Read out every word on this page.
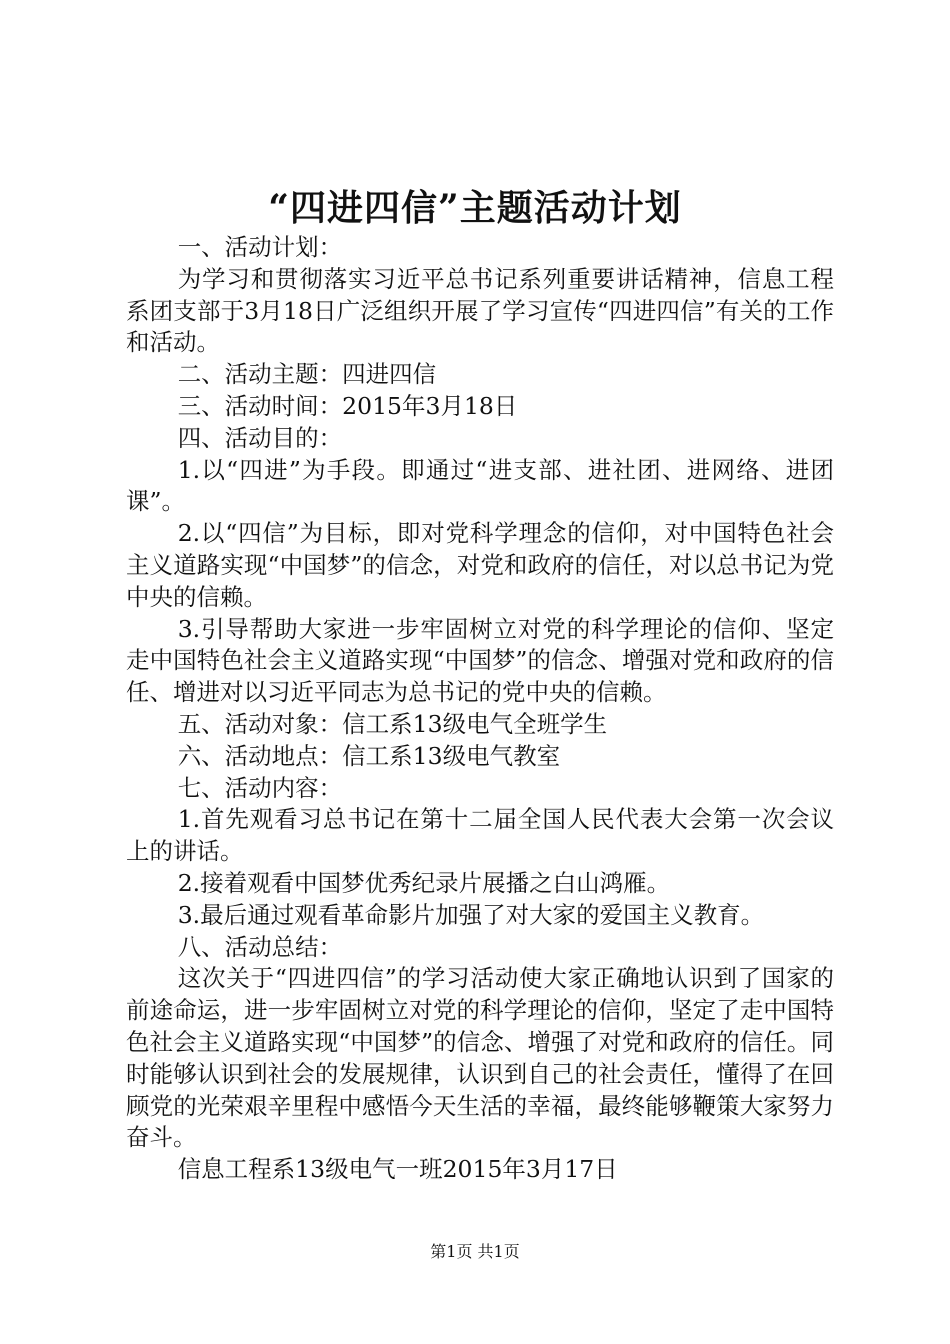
“四进四信”主题活动计划

一、活动计划：

为学习和贯彻落实习近平总书记系列重要讲话精神，信息工程系团支部于3月18日广泛组织开展了学习宣传“四进四信”有关的工作和活动。

二、活动主题：四进四信

三、活动时间：2015年3月18日

四、活动目的：

1.以“四进”为手段。即通过“进支部、进社团、进网络、进团课”。

2.以“四信”为目标，即对党科学理念的信仰，对中国特色社会主义道路实现“中国梦”的信念，对党和政府的信任，对以总书记为党中央的信赖。

3.引导帮助大家进一步牢固树立对党的科学理论的信仰、坚定走中国特色社会主义道路实现“中国梦”的信念、增强对党和政府的信任、增进对以习近平同志为总书记的党中央的信赖。

五、活动对象：信工系13级电气全班学生

六、活动地点：信工系13级电气教室

七、活动内容：

1.首先观看习总书记在第十二届全国人民代表大会第一次会议上的讲话。

2.接着观看中国梦优秀纪录片展播之白山鸿雁。

3.最后通过观看革命影片加强了对大家的爱国主义教育。

八、活动总结：

这次关于“四进四信”的学习活动使大家正确地认识到了国家的前途命运，进一步牢固树立对党的科学理论的信仰，坚定了走中国特色社会主义道路实现“中国梦”的信念、增强了对党和政府的信任。同时能够认识到社会的发展规律，认识到自己的社会责任，懂得了在回顾党的光荣艰辛里程中感悟今天生活的幸福，最终能够鞭策大家努力奋斗。

信息工程系13级电气一班2015年3月17日

第1页 共1页
